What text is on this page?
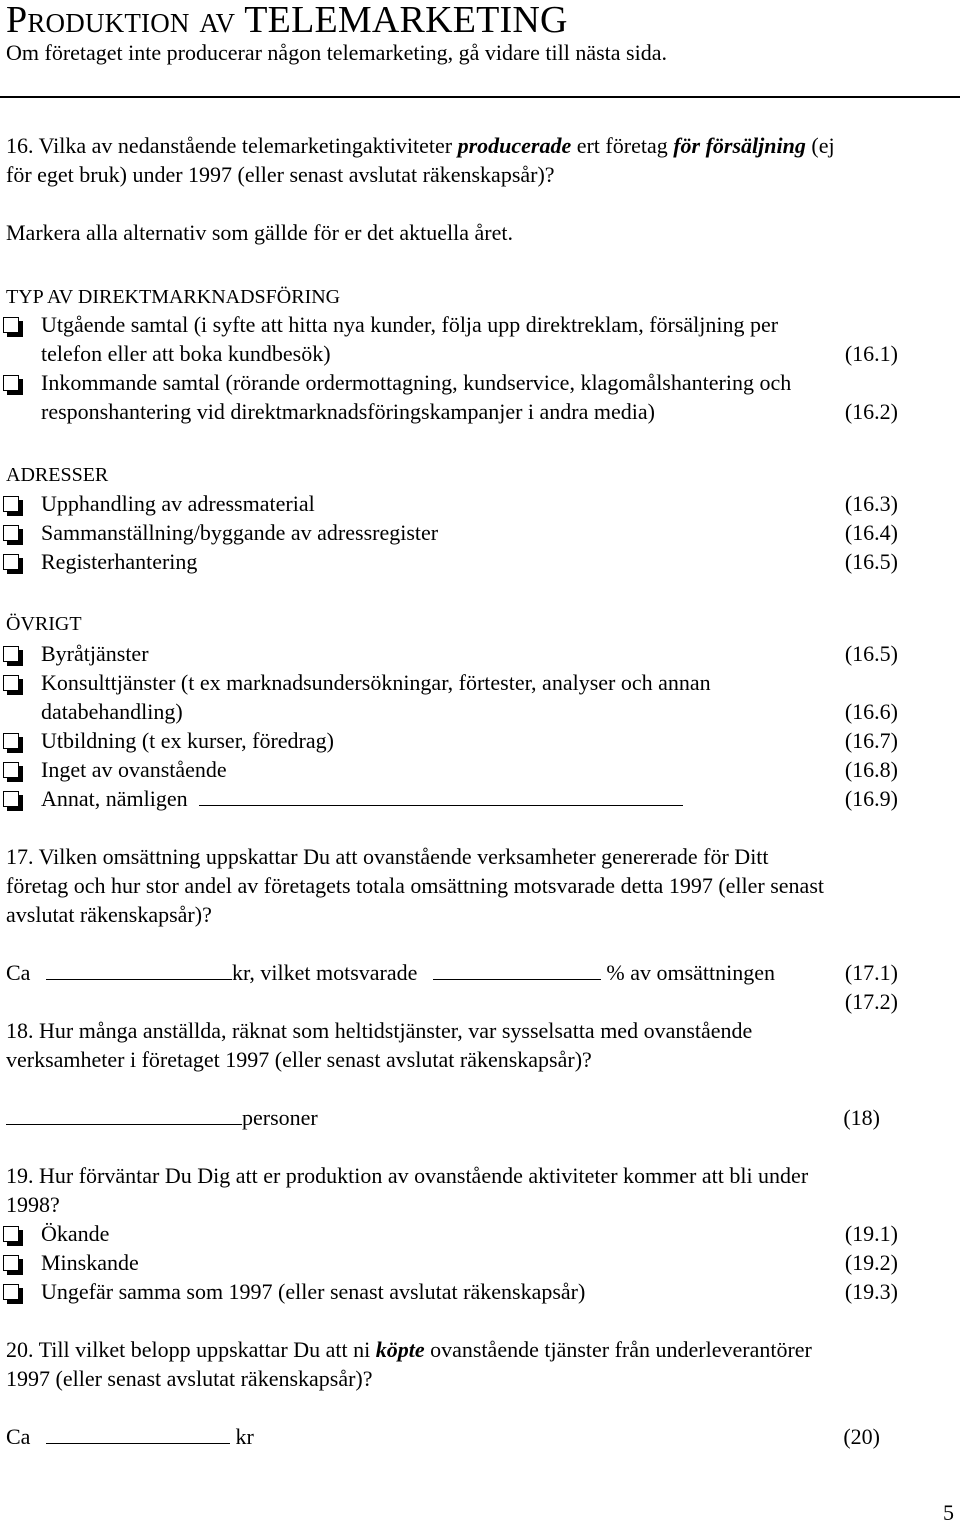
Produktion av TELEMARKETING
Om företaget inte producerar någon telemarketing, gå vidare till nästa sida.
16. Vilka av nedanstående telemarketingaktiviteter producerade ert företag för försäljning (ej
för eget bruk) under 1997 (eller senast avslutat räkenskapsår)?
Markera alla alternativ som gällde för er det aktuella året.
TYP AV DIREKTMARKNADSFÖRING
Utgående samtal (i syfte att hitta nya kunder, följa upp direktreklam, försäljning per
telefon eller att boka kundbesök)	(16.1)
Inkommande samtal (rörande ordermottagning, kundservice, klagomålshantering och
responshantering vid direktmarknadsföringskampanjer i andra media)	(16.2)
ADRESSER
Upphandling av adressmaterial	(16.3)
Sammanställning/byggande av adressregister	(16.4)
Registerhantering	(16.5)
ÖVRIGT
Byråtjänster	(16.5)
Konsulttjänster (t ex marknadsundersökningar, förtester, analyser och annan
databehandling)	(16.6)
Utbildning (t ex kurser, föredrag)	(16.7)
Inget av ovanstående	(16.8)
Annat, nämligen	(16.9)
17. Vilken omsättning uppskattar Du att ovanstående verksamheter genererade för Ditt
företag och hur stor andel av företagets totala omsättning motsvarade detta 1997 (eller senast
avslutat räkenskapsår)?
Ca	kr, vilket motsvarade	% av omsättningen	(17.1)
(17.2)
18. Hur många anställda, räknat som heltidstjänster, var sysselsatta med ovanstående
verksamheter i företaget 1997 (eller senast avslutat räkenskapsår)?
personer	(18)
19. Hur förväntar Du Dig att er produktion av ovanstående aktiviteter kommer att bli under
1998?
Ökande	(19.1)
Minskande	(19.2)
Ungefär samma som 1997 (eller senast avslutat räkenskapsår)	(19.3)
20. Till vilket belopp uppskattar Du att ni köpte ovanstående tjänster från underleverantörer
1997 (eller senast avslutat räkenskapsår)?
Ca	kr	(20)
5
